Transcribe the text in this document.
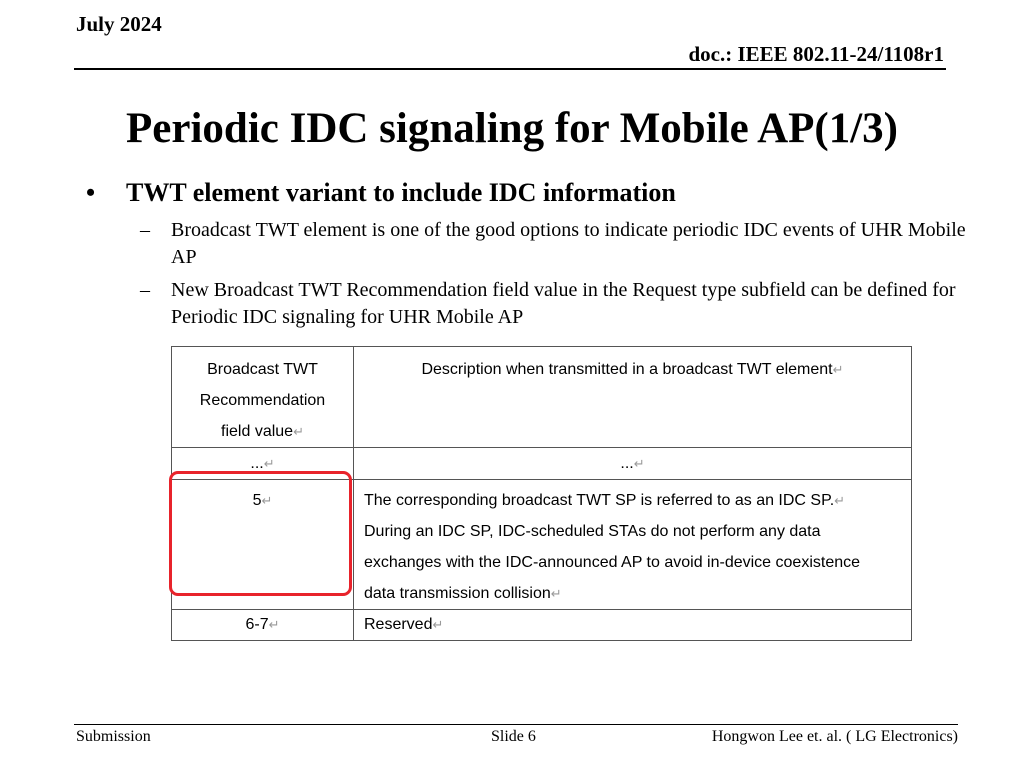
July 2024
doc.: IEEE 802.11-24/1108r1
Periodic IDC signaling for Mobile AP(1/3)
• TWT element variant to include IDC information
– Broadcast TWT element is one of the good options to indicate periodic IDC events of UHR Mobile AP
– New Broadcast TWT Recommendation field value in the Request type subfield can be defined for Periodic IDC signaling for UHR Mobile AP
Broadcast TWT
Recommendation
field value↵	Description when transmitted in a broadcast TWT element↵
...↵	...↵
5↵	The corresponding broadcast TWT SP is referred to as an IDC SP.↵
During an IDC SP, IDC-scheduled STAs do not perform any data
exchanges with the IDC-announced AP to avoid in-device coexistence
data transmission collision↵

6-7↵	Reserved↵
Submission	Slide 6	Hongwon Lee et. al. ( LG Electronics)
